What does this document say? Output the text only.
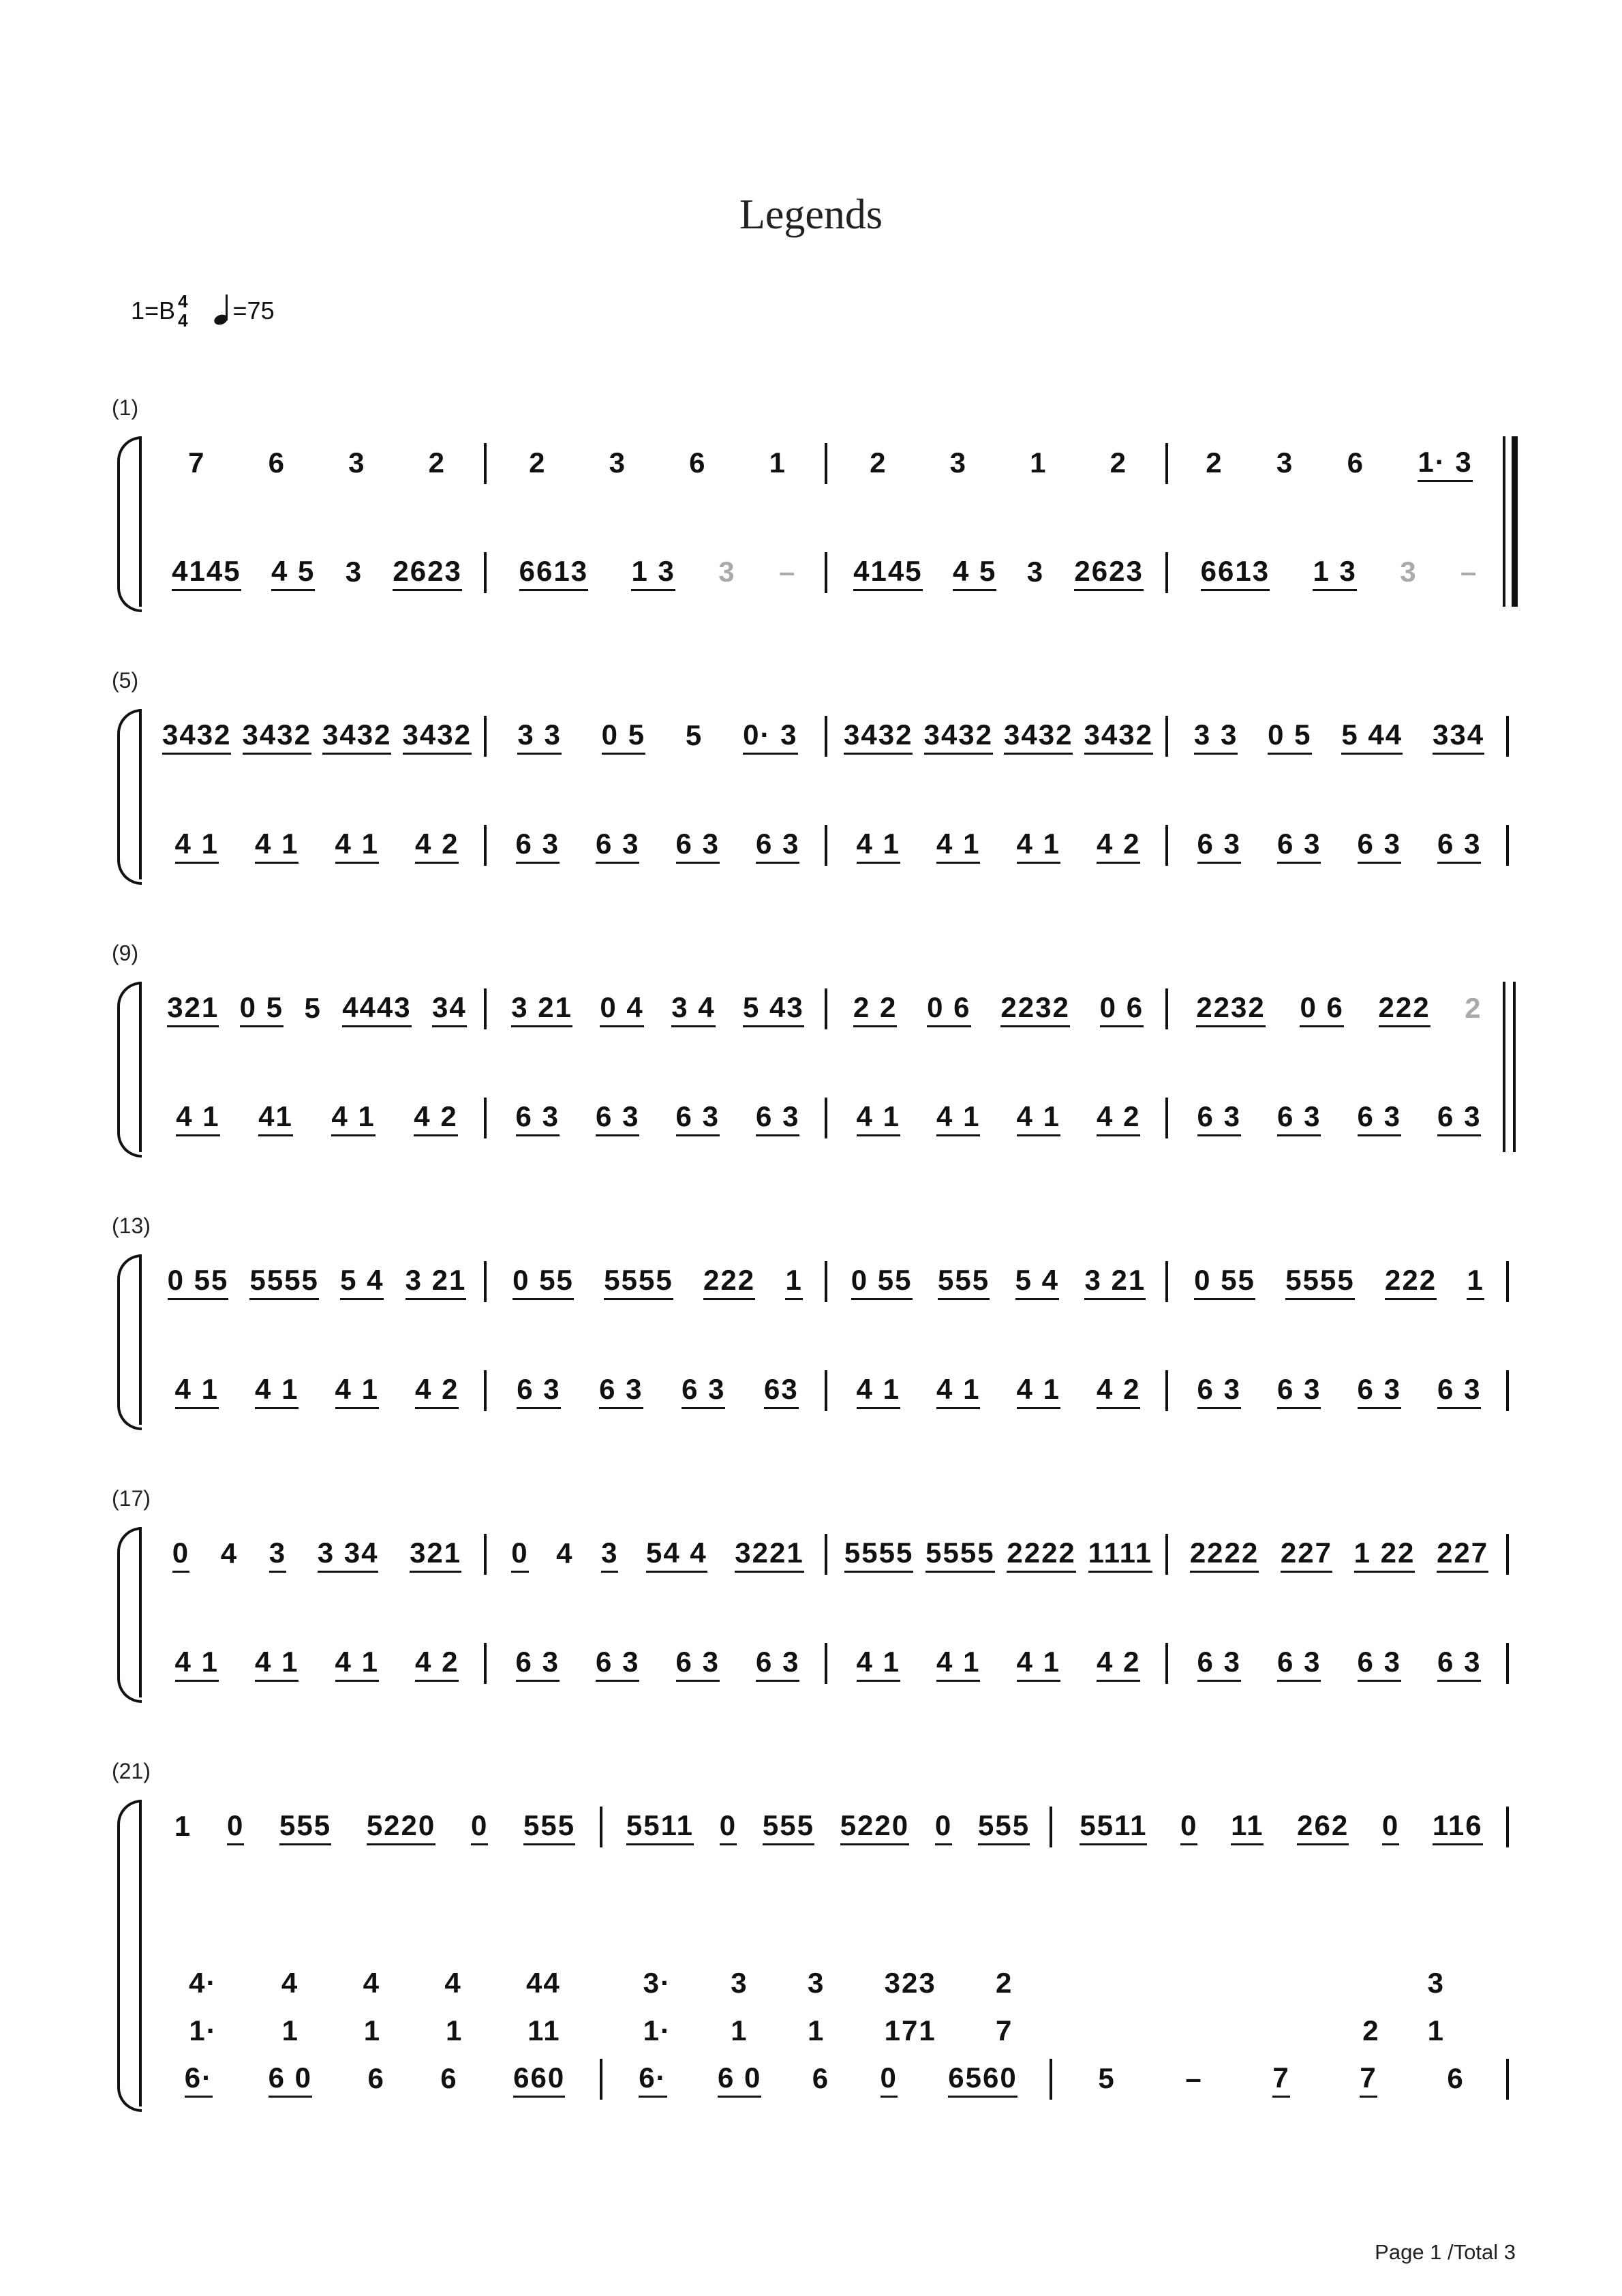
Legends
1=B 4
4 =75
(1)
7 6 3 2	2 3 6 1	2 3 1 2	2 3 6 1· 3
4145 4 5 3 2623 6613 1 3 3 – 4145 4 5 3 2623 6613 1 3 3 –
(5)
3432 3432 3432 3432 3 3 0 5 5 0· 3 3432 3432 3432 3432 3 3 0 5 5 44 334
4 1 4 1 4 1 4 2 6 3 6 3 6 3 6 3 4 1 4 1 4 1 4 2 6 3 6 3 6 3 6 3
(9)
321 0 5 5 4443 34 3 21 0 4 3 4 5 43 2 2 0 6 2232 0 6 2232 0 6 222 2
4 1 41 4 1 4 2 6 3 6 3 6 3 6 3 4 1 4 1 4 1 4 2 6 3 6 3 6 3 6 3
(13)
0 55 5555 5 4 3 21 0 55 5555 222 1 0 55 555 5 4 3 21 0 55 5555 222 1
4 1 4 1 4 1 4 2 6 3 6 3 6 3 63 4 1 4 1 4 1 4 2 6 3 6 3 6 3 6 3
(17)
0 4 3 3 34 321 0 4 3 54 4 3221 5555 5555 2222 1111 2222 227 1 22 227
4 1 4 1 4 1 4 2 6 3 6 3 6 3 6 3 4 1 4 1 4 1 4 2 6 3 6 3 6 3 6 3
(21)
1 0 555 5220 0 555 5511 0 555 5220 0 555 5511 0 11 262 0 116
4· 4 4 4 44	3· 3 3 323 2	3
1· 1 1 1 11	1· 1 1 171 7	2 1
6· 6 0 6 6 660	6· 6 0 6 0 6560	5 – 7 7 6
Page 1 /Total 3
